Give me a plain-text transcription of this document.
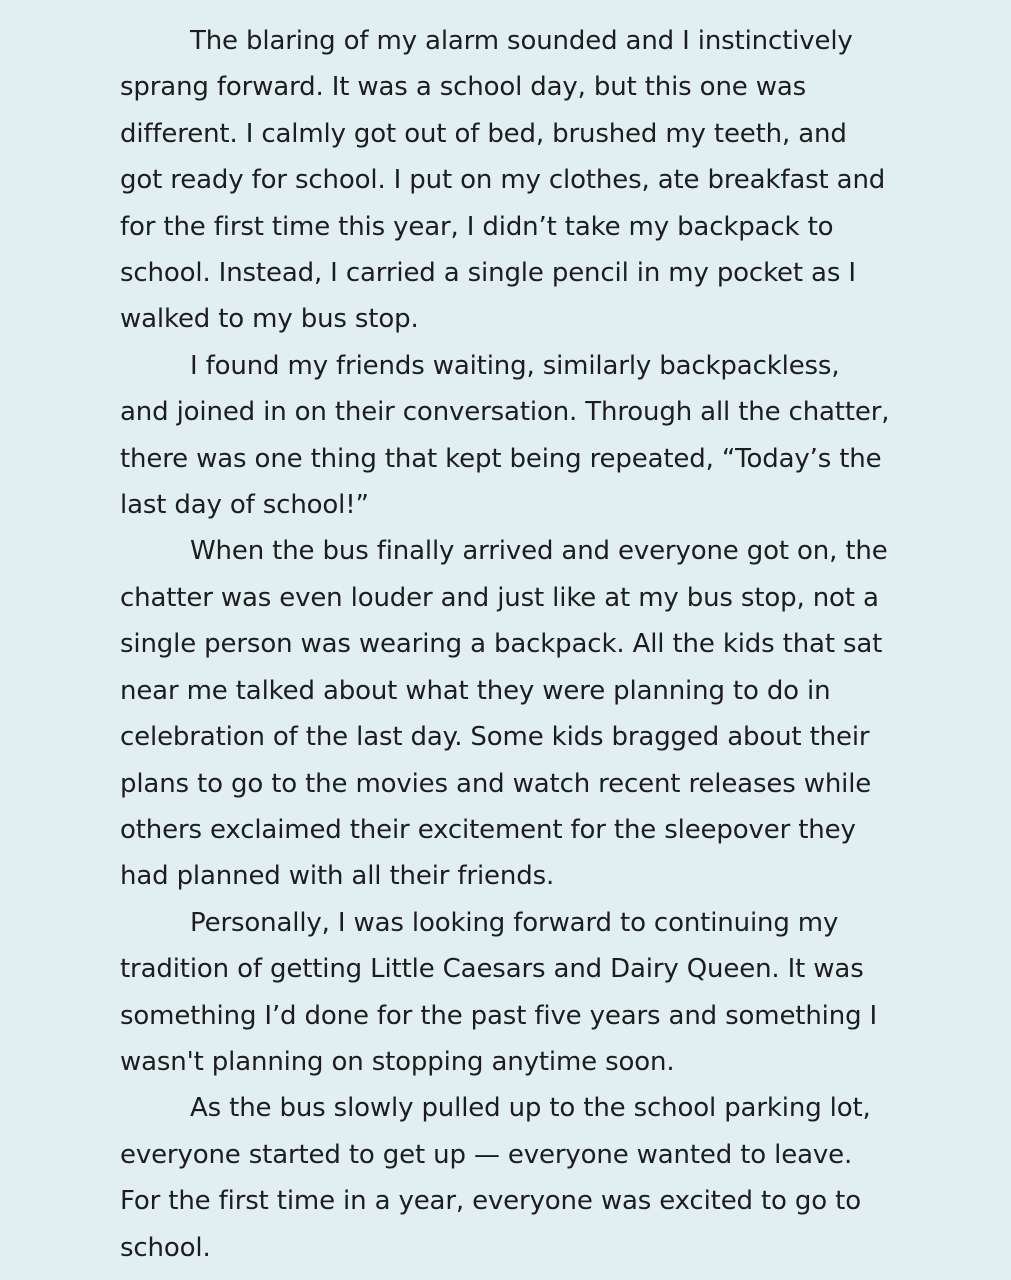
The blaring of my alarm sounded and I instinctively sprang forward. It was a school day, but this one was different. I calmly got out of bed, brushed my teeth, and got ready for school. I put on my clothes, ate breakfast and for the first time this year, I didn’t take my backpack to school. Instead, I carried a single pencil in my pocket as I walked to my bus stop.

I found my friends waiting, similarly backpackless, and joined in on their conversation. Through all the chatter, there was one thing that kept being repeated, “Today’s the last day of school!”

When the bus finally arrived and everyone got on, the chatter was even louder and just like at my bus stop, not a single person was wearing a backpack. All the kids that sat near me talked about what they were planning to do in celebration of the last day. Some kids bragged about their plans to go to the movies and watch recent releases while others exclaimed their excitement for the sleepover they had planned with all their friends.

Personally, I was looking forward to continuing my tradition of getting Little Caesars and Dairy Queen. It was something I’d done for the past five years and something I wasn't planning on stopping anytime soon.

As the bus slowly pulled up to the school parking lot, everyone started to get up — everyone wanted to leave. For the first time in a year, everyone was excited to go to school.
